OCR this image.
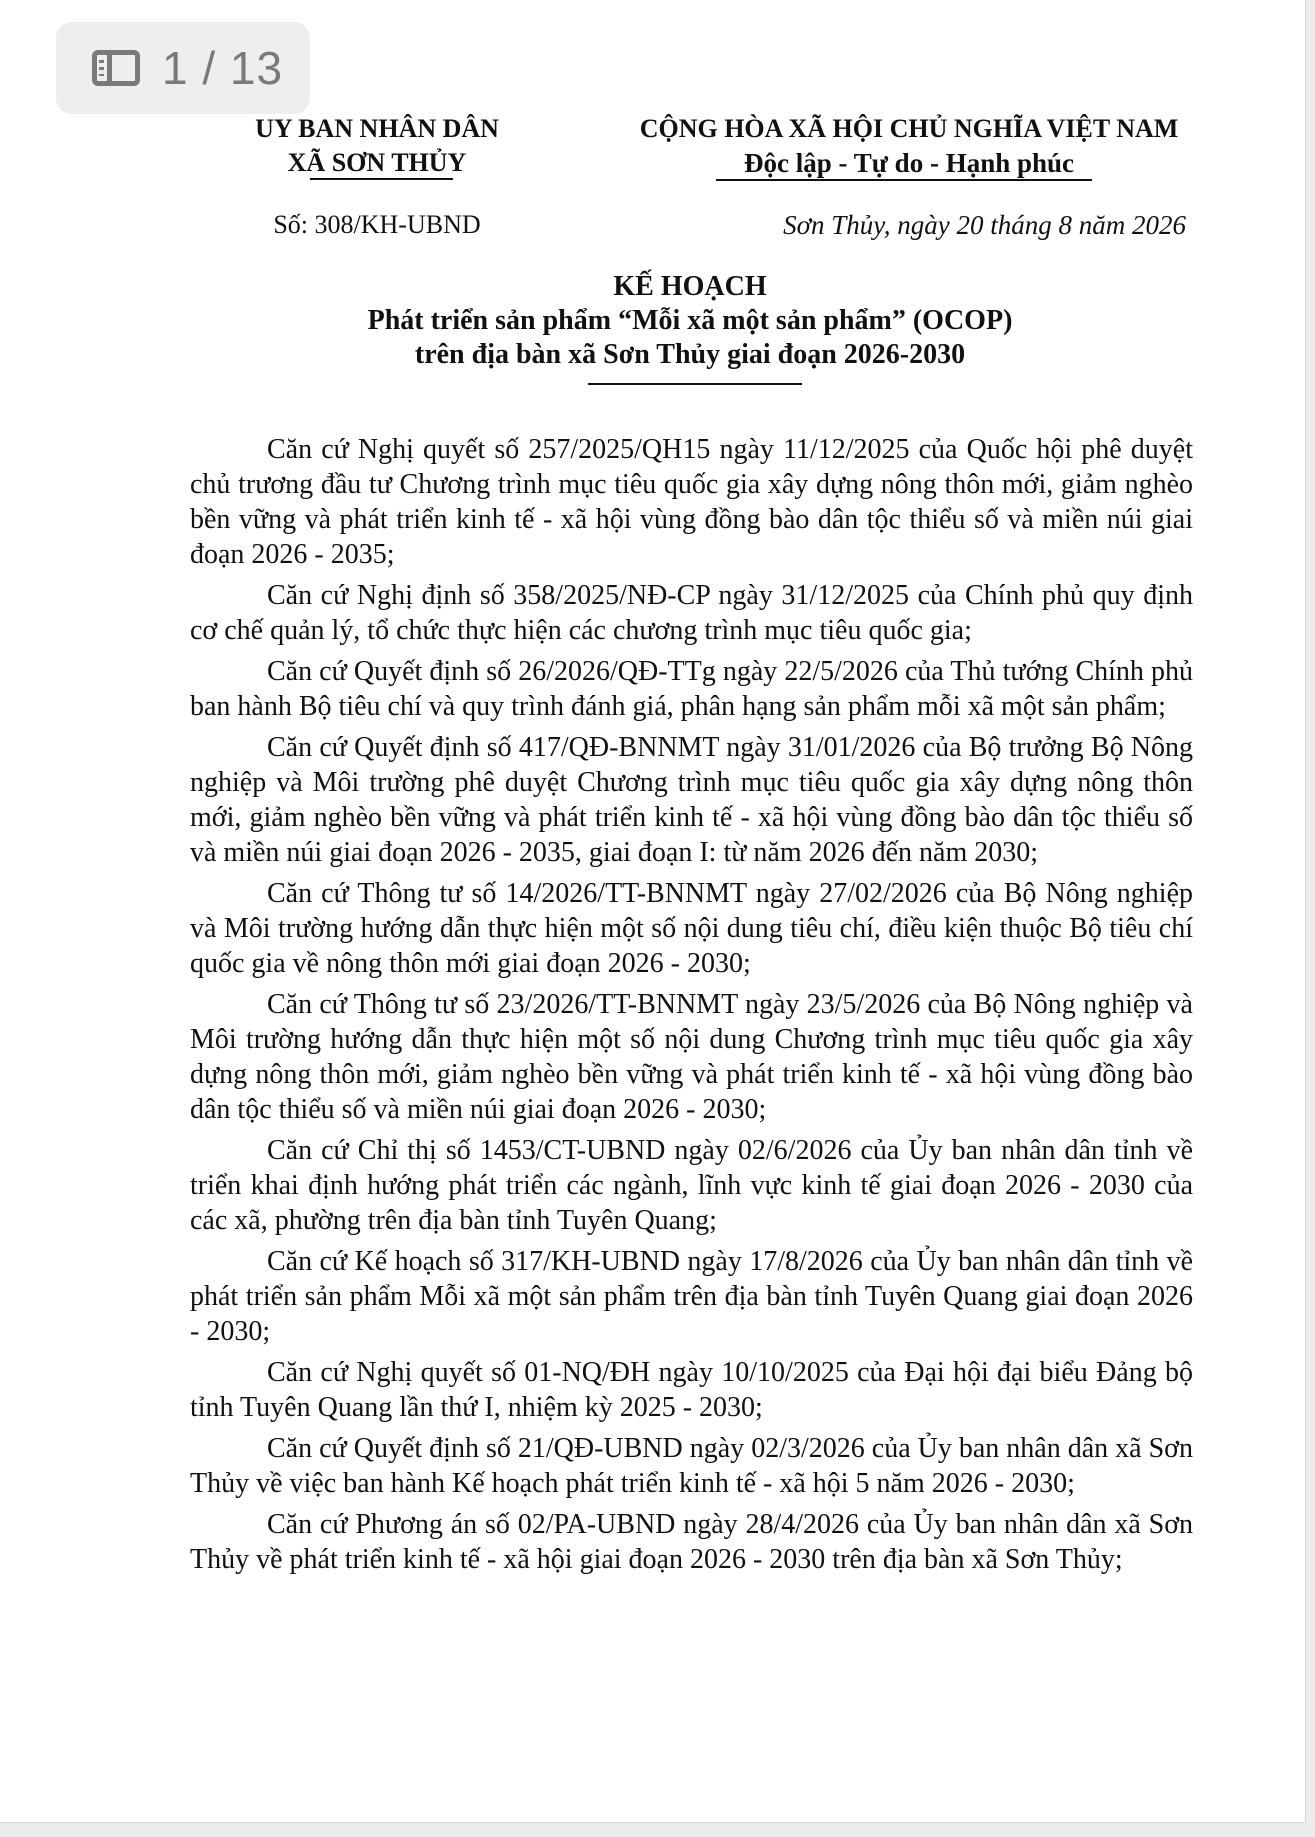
1 / 13
UY BAN NHÂN DÂN
XÃ SƠN THỦY
CỘNG HÒA XÃ HỘI CHỦ NGHĨA VIỆT NAM
Độc lập - Tự do - Hạnh phúc
Số: 308/KH-UBND	Sơn Thủy, ngày 20 tháng 8 năm 2026
KẾ HOẠCH
Phát triển sản phẩm “Mỗi xã một sản phẩm” (OCOP)
trên địa bàn xã Sơn Thủy giai đoạn 2026-2030

Căn cứ Nghị quyết số 257/2025/QH15 ngày 11/12/2025 của Quốc hội phê duyệt chủ trương đầu tư Chương trình mục tiêu quốc gia xây dựng nông thôn mới, giảm nghèo bền vững và phát triển kinh tế - xã hội vùng đồng bào dân tộc thiểu số và miền núi giai đoạn 2026 - 2035;

Căn cứ Nghị định số 358/2025/NĐ-CP ngày 31/12/2025 của Chính phủ quy định cơ chế quản lý, tổ chức thực hiện các chương trình mục tiêu quốc gia;

Căn cứ Quyết định số 26/2026/QĐ-TTg ngày 22/5/2026 của Thủ tướng Chính phủ ban hành Bộ tiêu chí và quy trình đánh giá, phân hạng sản phẩm mỗi xã một sản phẩm;

Căn cứ Quyết định số 417/QĐ-BNNMT ngày 31/01/2026 của Bộ trưởng Bộ Nông nghiệp và Môi trường phê duyệt Chương trình mục tiêu quốc gia xây dựng nông thôn mới, giảm nghèo bền vững và phát triển kinh tế - xã hội vùng đồng bào dân tộc thiểu số và miền núi giai đoạn 2026 - 2035, giai đoạn I: từ năm 2026 đến năm 2030;

Căn cứ Thông tư số 14/2026/TT-BNNMT ngày 27/02/2026 của Bộ Nông nghiệp và Môi trường hướng dẫn thực hiện một số nội dung tiêu chí, điều kiện thuộc Bộ tiêu chí quốc gia về nông thôn mới giai đoạn 2026 - 2030;

Căn cứ Thông tư số 23/2026/TT-BNNMT ngày 23/5/2026 của Bộ Nông nghiệp và Môi trường hướng dẫn thực hiện một số nội dung Chương trình mục tiêu quốc gia xây dựng nông thôn mới, giảm nghèo bền vững và phát triển kinh tế - xã hội vùng đồng bào dân tộc thiểu số và miền núi giai đoạn 2026 - 2030;

Căn cứ Chỉ thị số 1453/CT-UBND ngày 02/6/2026 của Ủy ban nhân dân tỉnh về triển khai định hướng phát triển các ngành, lĩnh vực kinh tế giai đoạn 2026 - 2030 của các xã, phường trên địa bàn tỉnh Tuyên Quang;

Căn cứ Kế hoạch số 317/KH-UBND ngày 17/8/2026 của Ủy ban nhân dân tỉnh về phát triển sản phẩm Mỗi xã một sản phẩm trên địa bàn tỉnh Tuyên Quang giai đoạn 2026 - 2030;

Căn cứ Nghị quyết số 01-NQ/ĐH ngày 10/10/2025 của Đại hội đại biểu Đảng bộ tỉnh Tuyên Quang lần thứ I, nhiệm kỳ 2025 - 2030;

Căn cứ Quyết định số 21/QĐ-UBND ngày 02/3/2026 của Ủy ban nhân dân xã Sơn Thủy về việc ban hành Kế hoạch phát triển kinh tế - xã hội 5 năm 2026 - 2030;

Căn cứ Phương án số 02/PA-UBND ngày 28/4/2026 của Ủy ban nhân dân xã Sơn Thủy về phát triển kinh tế - xã hội giai đoạn 2026 - 2030 trên địa bàn xã Sơn Thủy;
